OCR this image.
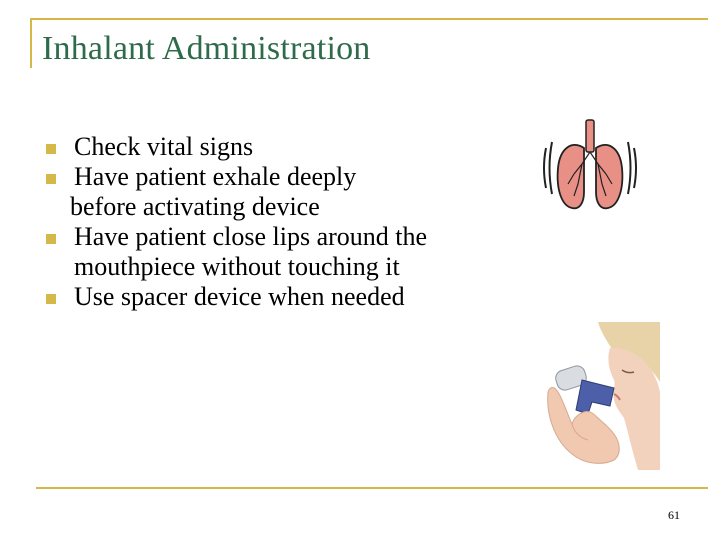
Inhalant Administration
Check vital signs
Have patient exhale deeply
before activating device
Have patient close lips around the
mouthpiece without touching it
Use spacer device when needed
61
